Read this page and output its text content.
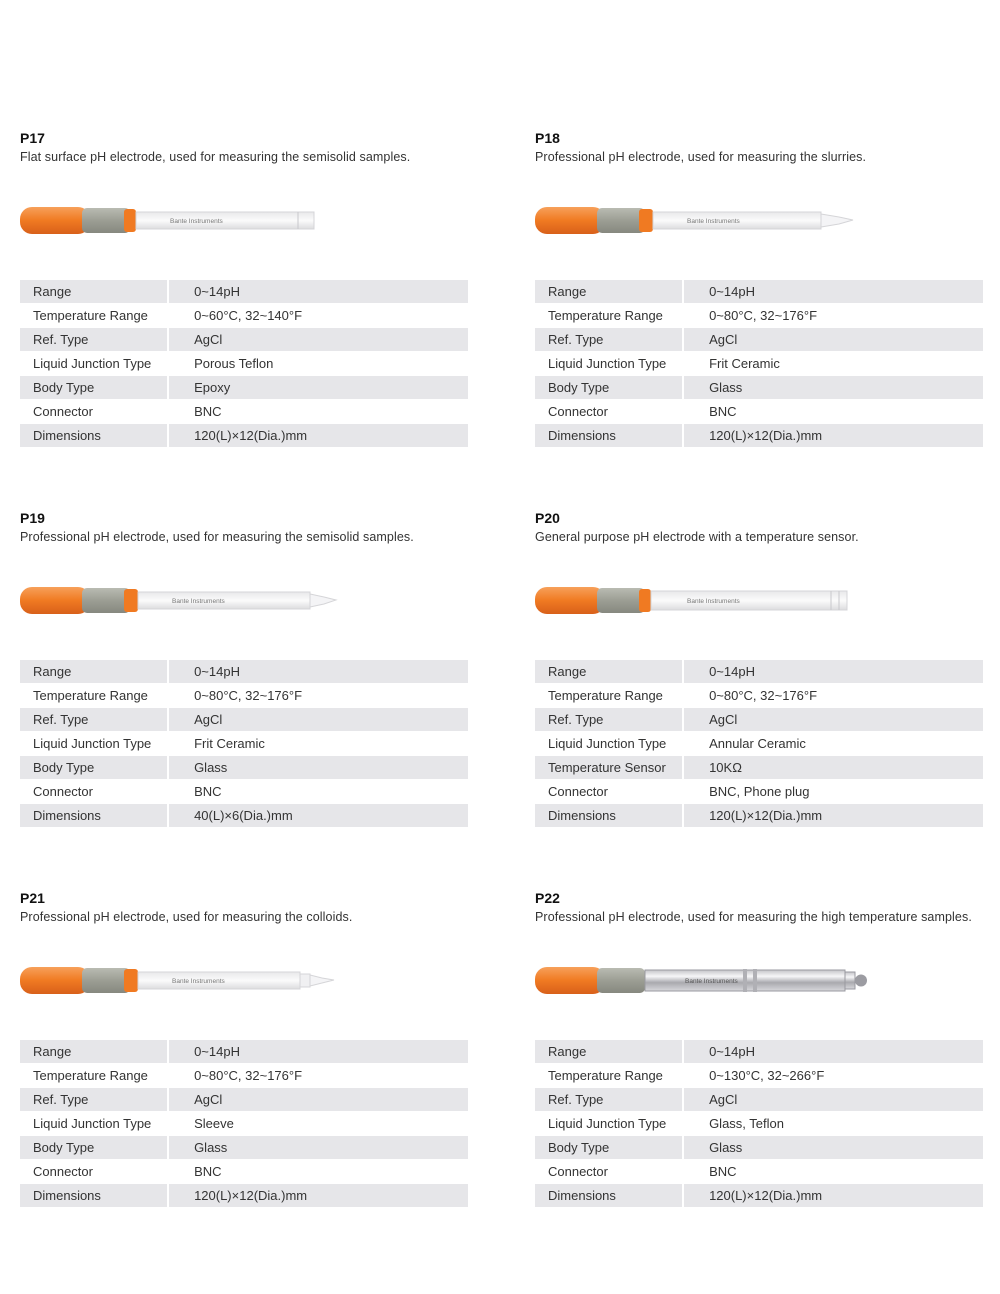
P17
Flat surface pH electrode, used for measuring the semisolid samples.
Bante Instruments
Range	0~14pH
Temperature Range	0~60°C, 32~140°F
Ref. Type	AgCl
Liquid Junction Type	Porous Teflon
Body Type	Epoxy
Connector	BNC
Dimensions	120(L)×12(Dia.)mm
P18
Professional pH electrode, used for measuring the slurries.
Bante Instruments
Range	0~14pH
Temperature Range	0~80°C, 32~176°F
Ref. Type	AgCl
Liquid Junction Type	Frit Ceramic
Body Type	Glass
Connector	BNC
Dimensions	120(L)×12(Dia.)mm
P19
Professional pH electrode, used for measuring the semisolid samples.
Bante Instruments
Range	0~14pH
Temperature Range	0~80°C, 32~176°F
Ref. Type	AgCl
Liquid Junction Type	Frit Ceramic
Body Type	Glass
Connector	BNC
Dimensions	40(L)×6(Dia.)mm
P20
General purpose pH electrode with a temperature sensor.
Bante Instruments
Range	0~14pH
Temperature Range	0~80°C, 32~176°F
Ref. Type	AgCl
Liquid Junction Type	Annular Ceramic
Temperature Sensor	10KΩ
Connector	BNC, Phone plug
Dimensions	120(L)×12(Dia.)mm
P21
Professional pH electrode, used for measuring the colloids.
Bante Instruments
Range	0~14pH
Temperature Range	0~80°C, 32~176°F
Ref. Type	AgCl
Liquid Junction Type	Sleeve
Body Type	Glass
Connector	BNC
Dimensions	120(L)×12(Dia.)mm
P22
Professional pH electrode, used for measuring the high temperature samples.
Bante Instruments
Range	0~14pH
Temperature Range	0~130°C, 32~266°F
Ref. Type	AgCl
Liquid Junction Type	Glass, Teflon
Body Type	Glass
Connector	BNC
Dimensions	120(L)×12(Dia.)mm
